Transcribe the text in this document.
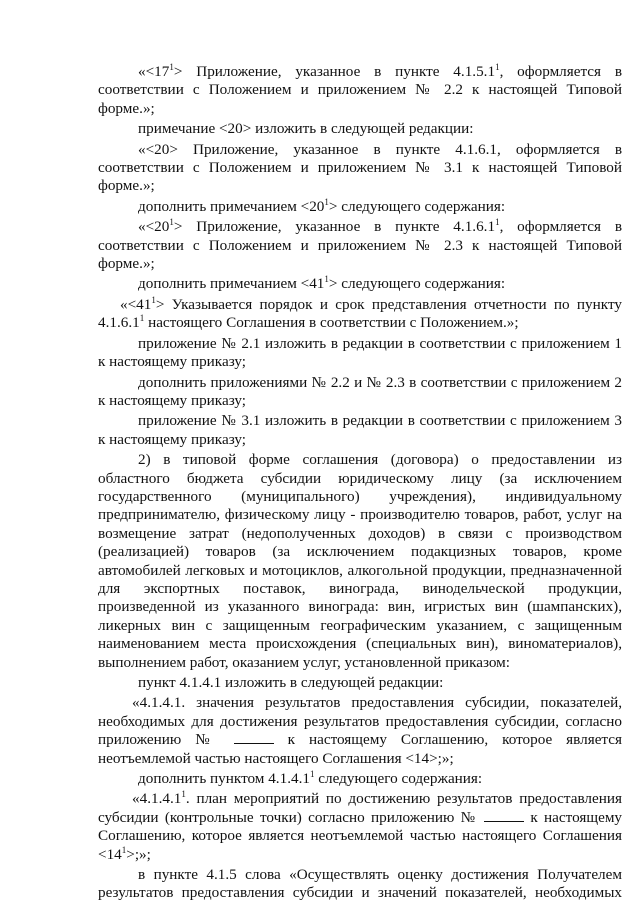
«$<17^1>$ Приложение, указанное в пункте 4.1.5.1$^1$, оформляется в соответствии с Положением и приложением № 2.2 к настоящей Типовой форме.»;

примечание <20> изложить в следующей редакции:

«<20> Приложение, указанное в пункте 4.1.6.1, оформляется в соответствии с Положением и приложением № 3.1 к настоящей Типовой форме.»;

дополнить примечанием $<20^1>$ следующего содержания:

«$<20^1>$ Приложение, указанное в пункте 4.1.6.1$^1$, оформляется в соответствии с Положением и приложением № 2.3 к настоящей Типовой форме.»;

дополнить примечанием $<41^1>$ следующего содержания:

«$<41^1>$ Указывается порядок и срок представления отчетности по пункту 4.1.6.1$^1$ настоящего Соглашения в соответствии с Положением.»;

приложение № 2.1 изложить в редакции в соответствии с приложением 1 к настоящему приказу;

дополнить приложениями № 2.2 и № 2.3 в соответствии с приложением 2 к настоящему приказу;

приложение № 3.1 изложить в редакции в соответствии с приложением 3 к настоящему приказу;

2) в типовой форме соглашения (договора) о предоставлении из областного бюджета субсидии юридическому лицу (за исключением государственного (муниципального) учреждения), индивидуальному предпринимателю, физическому лицу - производителю товаров, работ, услуг на возмещение затрат (недополученных доходов) в связи с производством (реализацией) товаров (за исключением подакцизных товаров, кроме автомобилей легковых и мотоциклов, алкогольной продукции, предназначенной для экспортных поставок, винограда, винодельческой продукции, произведенной из указанного винограда: вин, игристых вин (шампанских), ликерных вин с защищенным географическим указанием, с защищенным наименованием места происхождения (специальных вин), виноматериалов), выполнением работ, оказанием услуг, установленной приказом:

пункт 4.1.4.1 изложить в следующей редакции:

«4.1.4.1. значения результатов предоставления субсидии, показателей, необходимых для достижения результатов предоставления субсидии, согласно приложению №	к настоящему Соглашению, которое является неотъемлемой частью настоящего Соглашения <14>;»;

дополнить пунктом 4.1.4.1$^1$ следующего содержания:

«4.1.4.1$^1$. план мероприятий по достижению результатов предоставления субсидии (контрольные точки) согласно приложению №	к настоящему Соглашению, которое является неотъемлемой частью настоящего Соглашения $<14^1>$;»;

в пункте 4.1.5 слова «Осуществлять оценку достижения Получателем результатов предоставления субсидии и значений показателей, необходимых
